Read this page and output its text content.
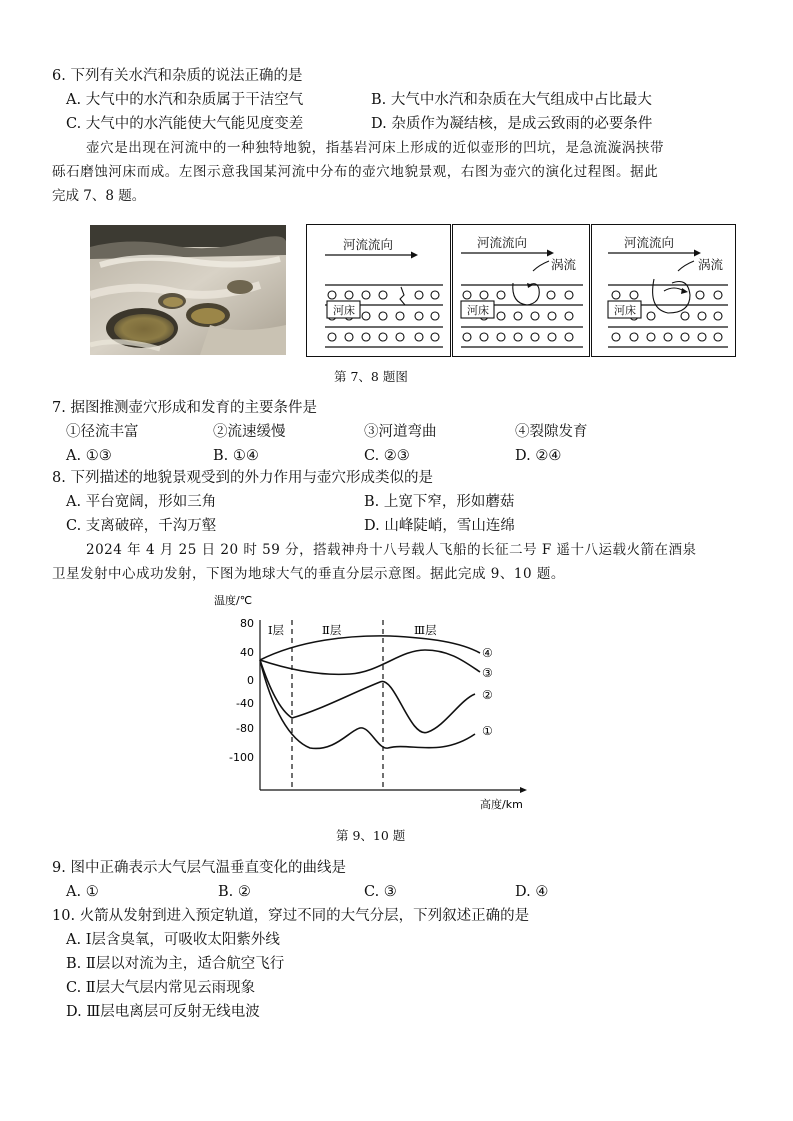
6. 下列有关水汽和杂质的说法正确的是
A. 大气中的水汽和杂质属于干洁空气	B. 大气中水汽和杂质在大气组成中占比最大
C. 大气中的水汽能使大气能见度变差	D. 杂质作为凝结核，是成云致雨的必要条件
壶穴是出现在河流中的一种独特地貌，指基岩河床上形成的近似壶形的凹坑，是急流漩涡挟带
砾石磨蚀河床而成。左图示意我国某河流中分布的壶穴地貌景观，右图为壶穴的演化过程图。据此
完成 7、8 题。
河流流向
河床
河流流向
涡流
河床
河流流向
涡流
河床
第 7、8 题图
7. 据图推测壶穴形成和发育的主要条件是
①径流丰富	②流速缓慢	③河道弯曲	④裂隙发育
A. ①③	B. ①④	C. ②③	D. ②④
8. 下列描述的地貌景观受到的外力作用与壶穴形成类似的是
A. 平台宽阔，形如三角	B. 上宽下窄，形如蘑菇
C. 支离破碎，千沟万壑	D. 山峰陡峭，雪山连绵
2024 年 4 月 25 日 20 时 59 分，搭载神舟十八号载人飞船的长征二号 F 遥十八运载火箭在酒泉
卫星发射中心成功发射，下图为地球大气的垂直分层示意图。据此完成 9、10 题。
温度/℃
高度/km
80
40
0
-40
-80
-100
Ⅰ层	Ⅱ层	Ⅲ层
④
③
②
①
第 9、10 题
9. 图中正确表示大气层气温垂直变化的曲线是
A. ①	B. ②	C. ③	D. ④
10. 火箭从发射到进入预定轨道，穿过不同的大气分层，下列叙述正确的是
A. Ⅰ层含臭氧，可吸收太阳紫外线
B. Ⅱ层以对流为主，适合航空飞行
C. Ⅱ层大气层内常见云雨现象
D. Ⅲ层电离层可反射无线电波
